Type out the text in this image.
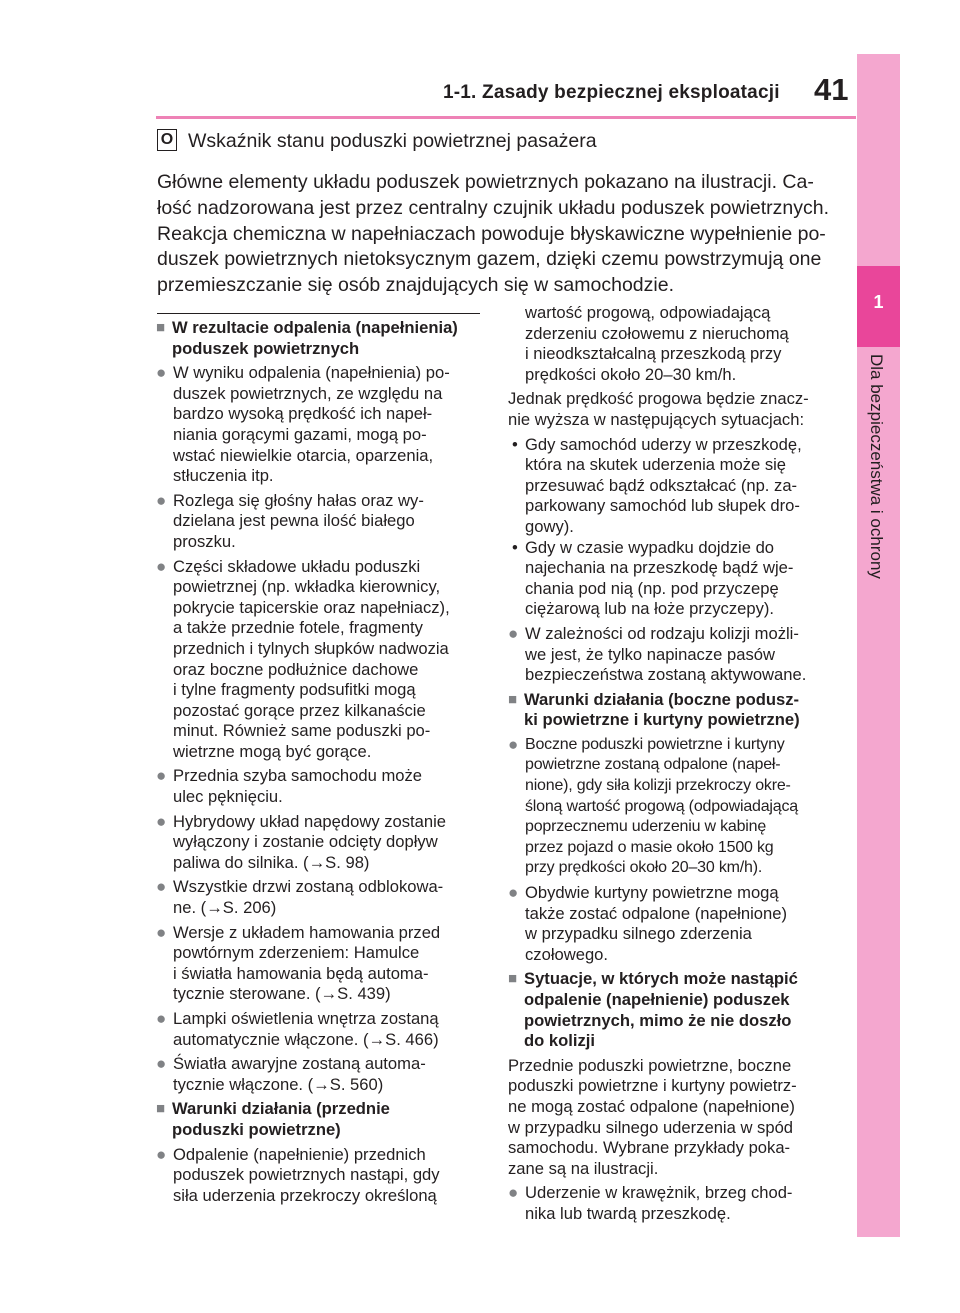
1-1. Zasady bezpiecznej eksploatacji 41
1
Dla bezpieczeństwa i ochrony
O Wskaźnik stanu poduszki powietrznej pasażera
Główne elementy układu poduszek powietrznych pokazano na ilustracji. Ca-
łość nadzorowana jest przez centralny czujnik układu poduszek powietrznych.
Reakcja chemiczna w napełniaczach powoduje błyskawiczne wypełnienie po-
duszek powietrznych nietoksycznym gazem, dzięki czemu powstrzymują one
przemieszczanie się osób znajdujących się w samochodzie.
■ W rezultacie odpalenia (napełnienia)
poduszek powietrznych
● W wyniku odpalenia (napełnienia) po-
duszek powietrznych, ze względu na
bardzo wysoką prędkość ich napeł-
niania gorącymi gazami, mogą po-
wstać niewielkie otarcia, oparzenia,
stłuczenia itp.
● Rozlega się głośny hałas oraz wy-
dzielana jest pewna ilość białego
proszku.
● Części składowe układu poduszki
powietrznej (np. wkładka kierownicy,
pokrycie tapicerskie oraz napełniacz),
a także przednie fotele, fragmenty
przednich i tylnych słupków nadwozia
oraz boczne podłużnice dachowe
i tylne fragmenty podsufitki mogą
pozostać gorące przez kilkanaście
minut. Również same poduszki po-
wietrzne mogą być gorące.
● Przednia szyba samochodu może
ulec pęknięciu.
● Hybrydowy układ napędowy zostanie
wyłączony i zostanie odcięty dopływ
paliwa do silnika. (→S. 98)
● Wszystkie drzwi zostaną odblokowa-
ne. (→S. 206)
● Wersje z układem hamowania przed
powtórnym zderzeniem: Hamulce
i światła hamowania będą automa-
tycznie sterowane. (→S. 439)
● Lampki oświetlenia wnętrza zostaną
automatycznie włączone. (→S. 466)
● Światła awaryjne zostaną automa-
tycznie włączone. (→S. 560)
■ Warunki działania (przednie
poduszki powietrzne)
● Odpalenie (napełnienie) przednich
poduszek powietrznych nastąpi, gdy
siła uderzenia przekroczy określoną
wartość progową, odpowiadającą
zderzeniu czołowemu z nieruchomą
i nieodkształcalną przeszkodą przy
prędkości około 20–30 km/h.
Jednak prędkość progowa będzie znacz-
nie wyższa w następujących sytuacjach:
• Gdy samochód uderzy w przeszkodę,
która na skutek uderzenia może się
przesuwać bądź odkształcać (np. za-
parkowany samochód lub słupek dro-
gowy).
• Gdy w czasie wypadku dojdzie do
najechania na przeszkodę bądź wje-
chania pod nią (np. pod przyczepę
ciężarową lub na łoże przyczepy).
● W zależności od rodzaju kolizji możli-
we jest, że tylko napinacze pasów
bezpieczeństwa zostaną aktywowane.
■ Warunki działania (boczne podusz-
ki powietrzne i kurtyny powietrzne)
● Boczne poduszki powietrzne i kurtyny
powietrzne zostaną odpalone (napeł-
nione), gdy siła kolizji przekroczy okre-
śloną wartość progową (odpowiadającą
poprzecznemu uderzeniu w kabinę
przez pojazd o masie około 1500 kg
przy prędkości około 20–30 km/h).
● Obydwie kurtyny powietrzne mogą
także zostać odpalone (napełnione)
w przypadku silnego zderzenia
czołowego.
■ Sytuacje, w których może nastąpić
odpalenie (napełnienie) poduszek
powietrznych, mimo że nie doszło
do kolizji
Przednie poduszki powietrzne, boczne
poduszki powietrzne i kurtyny powietrz-
ne mogą zostać odpalone (napełnione)
w przypadku silnego uderzenia w spód
samochodu. Wybrane przykłady poka-
zane są na ilustracji.
● Uderzenie w krawężnik, brzeg chod-
nika lub twardą przeszkodę.
